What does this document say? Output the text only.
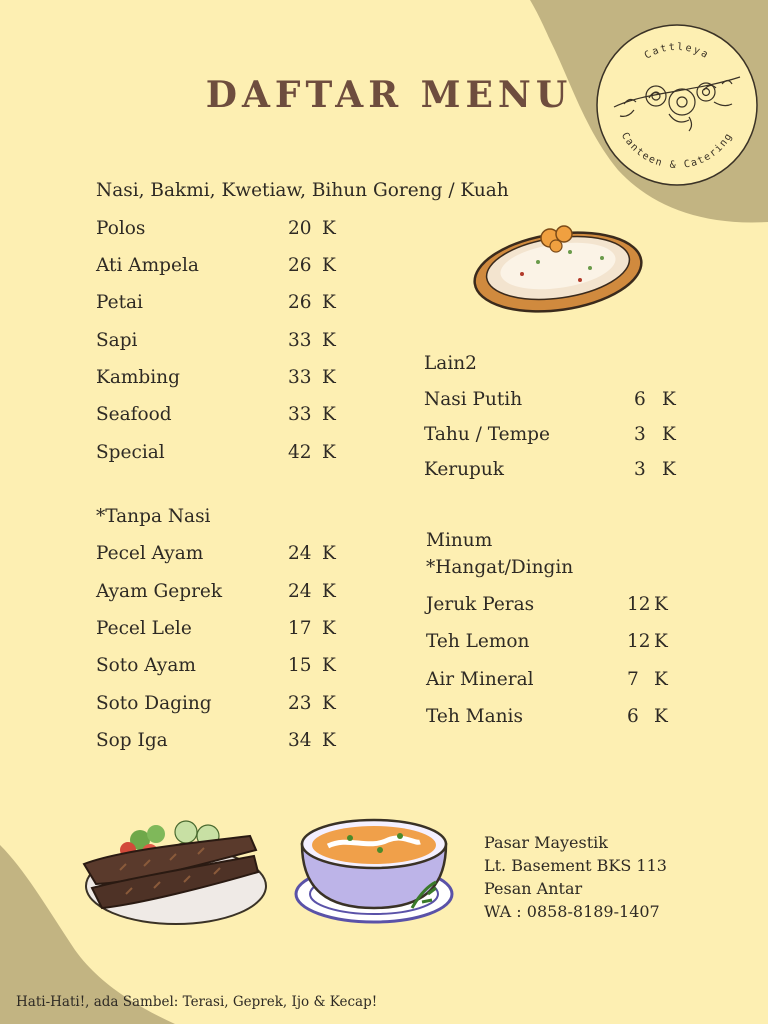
Cattleya
Canteen & Catering
DAFTAR MENU
Nasi, Bakmi, Kwetiaw, Bihun Goreng / Kuah
Polos	20 K
Ati Ampela	26 K
Petai	26 K
Sapi	33 K
Kambing	33 K
Seafood	33 K
Special	42 K
*Tanpa Nasi
Pecel Ayam	24 K
Ayam Geprek	24 K
Pecel Lele	17 K
Soto Ayam	15 K
Soto Daging	23 K
Sop Iga	34 K
Lain2
Nasi Putih	6 K
Tahu / Tempe	3 K
Kerupuk	3 K
Minum
*Hangat/Dingin
Jeruk Peras	12 K
Teh Lemon	12 K
Air Mineral	7 K
Teh Manis	6 K
Pasar Mayestik
Lt. Basement BKS 113
Pesan Antar
WA : 0858-8189-1407
Hati-Hati!, ada Sambel: Terasi, Geprek, Ijo & Kecap!
